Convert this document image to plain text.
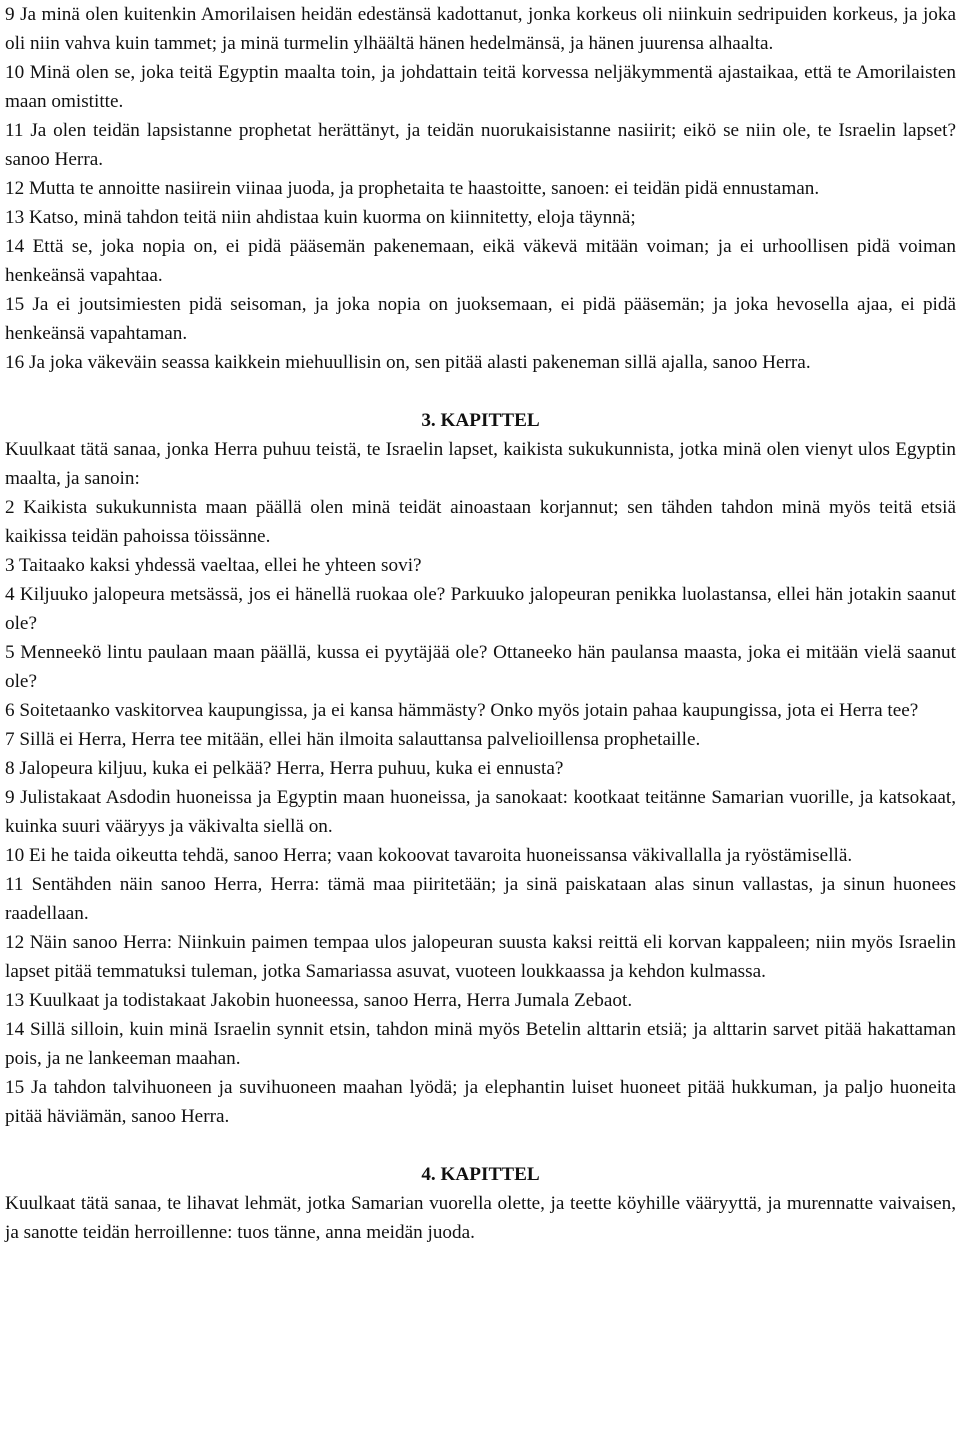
9 Ja minä olen kuitenkin Amorilaisen heidän edestänsä kadottanut, jonka korkeus oli niinkuin sedripuiden korkeus, ja joka oli niin vahva kuin tammet; ja minä turmelin ylhäältä hänen hedelmänsä, ja hänen juurensa alhaalta.

10 Minä olen se, joka teitä Egyptin maalta toin, ja johdattain teitä korvessa neljäkymmentä ajastaikaa, että te Amorilaisten maan omistitte.

11 Ja olen teidän lapsistanne prophetat herättänyt, ja teidän nuorukaisistanne nasiirit; eikö se niin ole, te Israelin lapset? sanoo Herra.

12 Mutta te annoitte nasiirein viinaa juoda, ja prophetaita te haastoitte, sanoen: ei teidän pidä ennustaman.

13 Katso, minä tahdon teitä niin ahdistaa kuin kuorma on kiinnitetty, eloja täynnä;

14 Että se, joka nopia on, ei pidä pääsemän pakenemaan, eikä väkevä mitään voiman; ja ei urhoollisen pidä voiman henkeänsä vapahtaa.

15 Ja ei joutsimiesten pidä seisoman, ja joka nopia on juoksemaan, ei pidä pääsemän; ja joka hevosella ajaa, ei pidä henkeänsä vapahtaman.

16 Ja joka väkeväin seassa kaikkein miehuullisin on, sen pitää alasti pakeneman sillä ajalla, sanoo Herra.

3. KAPITTEL

Kuulkaat tätä sanaa, jonka Herra puhuu teistä, te Israelin lapset, kaikista sukukunnista, jotka minä olen vienyt ulos Egyptin maalta, ja sanoin:

2 Kaikista sukukunnista maan päällä olen minä teidät ainoastaan korjannut; sen tähden tahdon minä myös teitä etsiä kaikissa teidän pahoissa töissänne.

3 Taitaako kaksi yhdessä vaeltaa, ellei he yhteen sovi?

4 Kiljuuko jalopeura metsässä, jos ei hänellä ruokaa ole? Parkuuko jalopeuran penikka luolastansa, ellei hän jotakin saanut ole?

5 Menneekö lintu paulaan maan päällä, kussa ei pyytäjää ole? Ottaneeko hän paulansa maasta, joka ei mitään vielä saanut ole?

6 Soitetaanko vaskitorvea kaupungissa, ja ei kansa hämmästy? Onko myös jotain pahaa kaupungissa, jota ei Herra tee?

7 Sillä ei Herra, Herra tee mitään, ellei hän ilmoita salauttansa palvelioillensa prophetaille.

8 Jalopeura kiljuu, kuka ei pelkää? Herra, Herra puhuu, kuka ei ennusta?

9 Julistakaat Asdodin huoneissa ja Egyptin maan huoneissa, ja sanokaat: kootkaat teitänne Samarian vuorille, ja katsokaat, kuinka suuri vääryys ja väkivalta siellä on.

10 Ei he taida oikeutta tehdä, sanoo Herra; vaan kokoovat tavaroita huoneissansa väkivallalla ja ryöstämisellä.

11 Sentähden näin sanoo Herra, Herra: tämä maa piiritetään; ja sinä paiskataan alas sinun vallastas, ja sinun huonees raadellaan.

12 Näin sanoo Herra: Niinkuin paimen tempaa ulos jalopeuran suusta kaksi reittä eli korvan kappaleen; niin myös Israelin lapset pitää temmatuksi tuleman, jotka Samariassa asuvat, vuoteen loukkaassa ja kehdon kulmassa.

13 Kuulkaat ja todistakaat Jakobin huoneessa, sanoo Herra, Herra Jumala Zebaot.

14 Sillä silloin, kuin minä Israelin synnit etsin, tahdon minä myös Betelin alttarin etsiä; ja alttarin sarvet pitää hakattaman pois, ja ne lankeeman maahan.

15 Ja tahdon talvihuoneen ja suvihuoneen maahan lyödä; ja elephantin luiset huoneet pitää hukkuman, ja paljo huoneita pitää häviämän, sanoo Herra.

4. KAPITTEL

Kuulkaat tätä sanaa, te lihavat lehmät, jotka Samarian vuorella olette, ja teette köyhille vääryyttä, ja murennatte vaivaisen, ja sanotte teidän herroillenne: tuos tänne, anna meidän juoda.
